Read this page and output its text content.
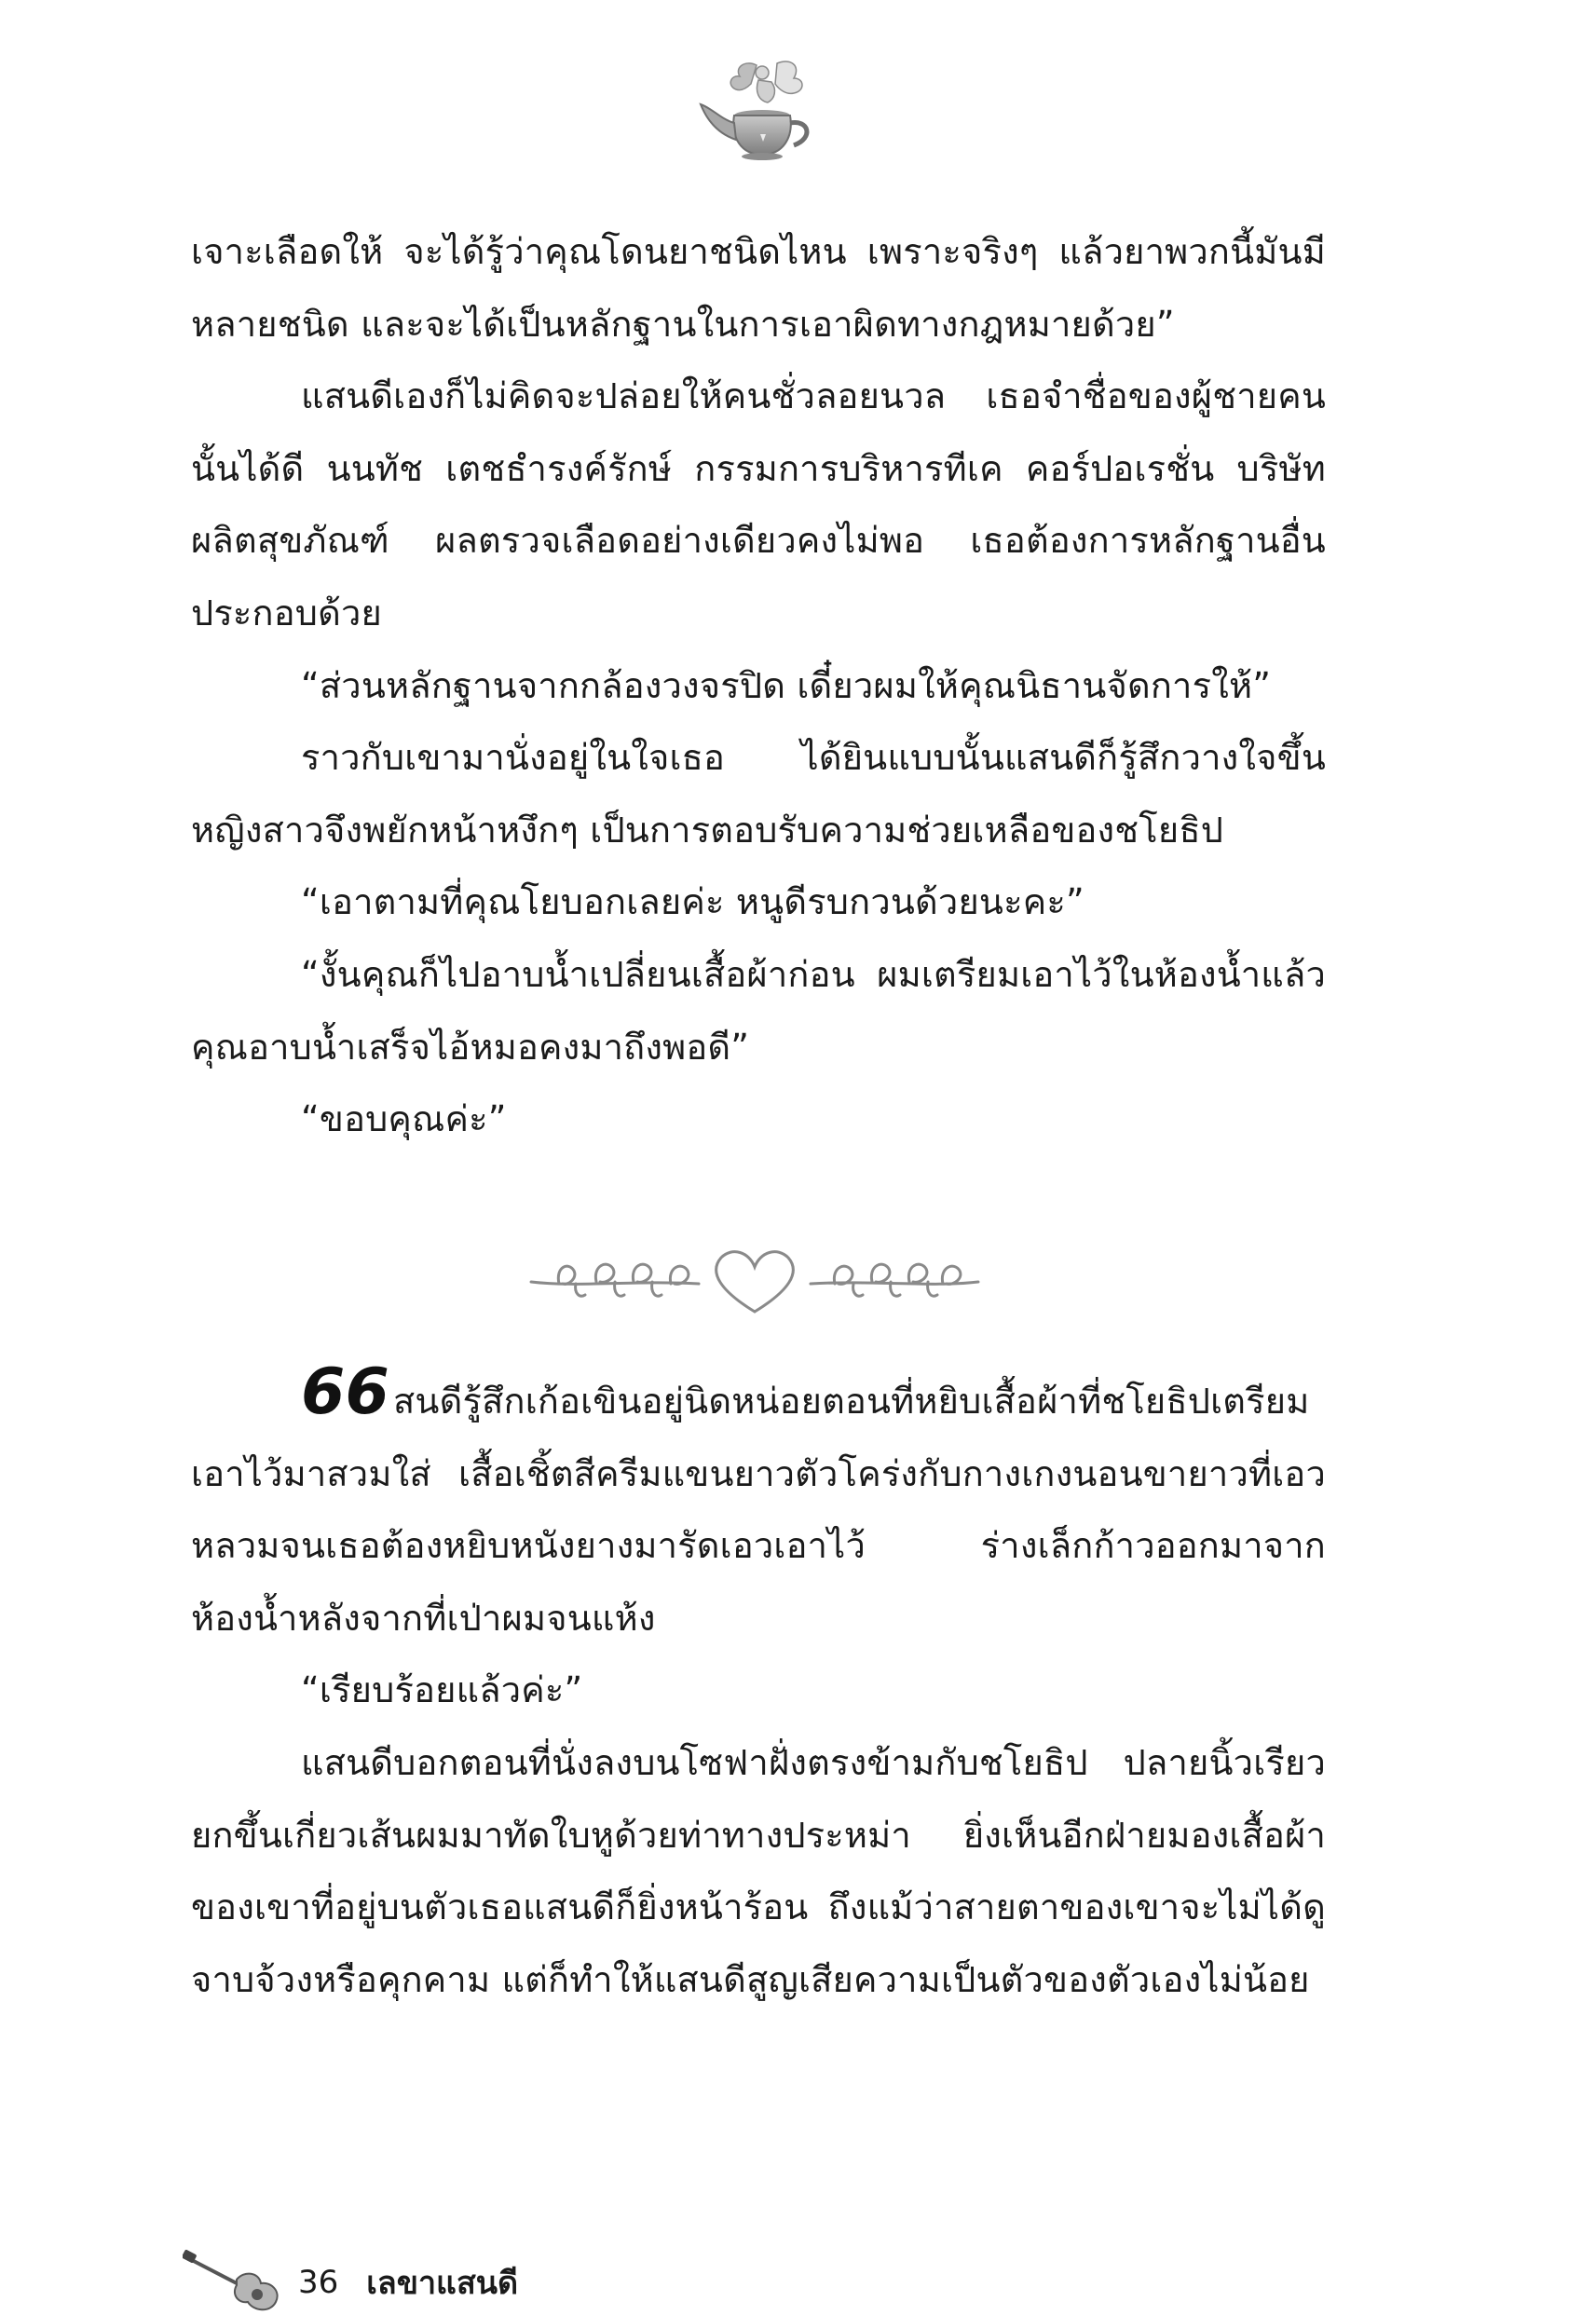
เจาะเลือดให้ จะได้รู้ว่าคุณโดนยาชนิดไหน เพราะจริงๆ แล้วยาพวกนี้มันมีหลายชนิด และจะได้เป็นหลักฐานในการเอาผิดทางกฎหมายด้วย”

แสนดีเองก็ไม่คิดจะปล่อยให้คนชั่วลอยนวล เธอจำชื่อของผู้ชายคนนั้นได้ดี นนทัช เตชธำรงค์รักษ์ กรรมการบริหารทีเค คอร์ปอเรชั่น บริษัทผลิตสุขภัณฑ์ ผลตรวจเลือดอย่างเดียวคงไม่พอ เธอต้องการหลักฐานอื่นประกอบด้วย

“ส่วนหลักฐานจากกล้องวงจรปิด เดี๋ยวผมให้คุณนิธานจัดการให้”

ราวกับเขามานั่งอยู่ในใจเธอ ได้ยินแบบนั้นแสนดีก็รู้สึกวางใจขึ้น หญิงสาวจึงพยักหน้าหงึกๆ เป็นการตอบรับความช่วยเหลือของชโยธิป

“เอาตามที่คุณโยบอกเลยค่ะ หนูดีรบกวนด้วยนะคะ”

“งั้นคุณก็ไปอาบน้ำเปลี่ยนเสื้อผ้าก่อน ผมเตรียมเอาไว้ในห้องน้ำแล้ว คุณอาบน้ำเสร็จไอ้หมอคงมาถึงพอดี”

“ขอบคุณค่ะ”

66 สนดีรู้สึกเก้อเขินอยู่นิดหน่อยตอนที่หยิบเสื้อผ้าที่ชโยธิปเตรียมเอาไว้มาสวมใส่ เสื้อเชิ้ตสีครีมแขนยาวตัวโคร่งกับกางเกงนอนขายาวที่เอวหลวมจนเธอต้องหยิบหนังยางมารัดเอวเอาไว้ ร่างเล็กก้าวออกมาจากห้องน้ำหลังจากที่เป่าผมจนแห้ง

“เรียบร้อยแล้วค่ะ”

แสนดีบอกตอนที่นั่งลงบนโซฟาฝั่งตรงข้ามกับชโยธิป ปลายนิ้วเรียวยกขึ้นเกี่ยวเส้นผมมาทัดใบหูด้วยท่าทางประหม่า ยิ่งเห็นอีกฝ่ายมองเสื้อผ้าของเขาที่อยู่บนตัวเธอแสนดีก็ยิ่งหน้าร้อน ถึงแม้ว่าสายตาของเขาจะไม่ได้ดูจาบจ้วงหรือคุกคาม แต่ก็ทำให้แสนดีสูญเสียความเป็นตัวของตัวเองไม่น้อย

36 เลขาแสนดี
